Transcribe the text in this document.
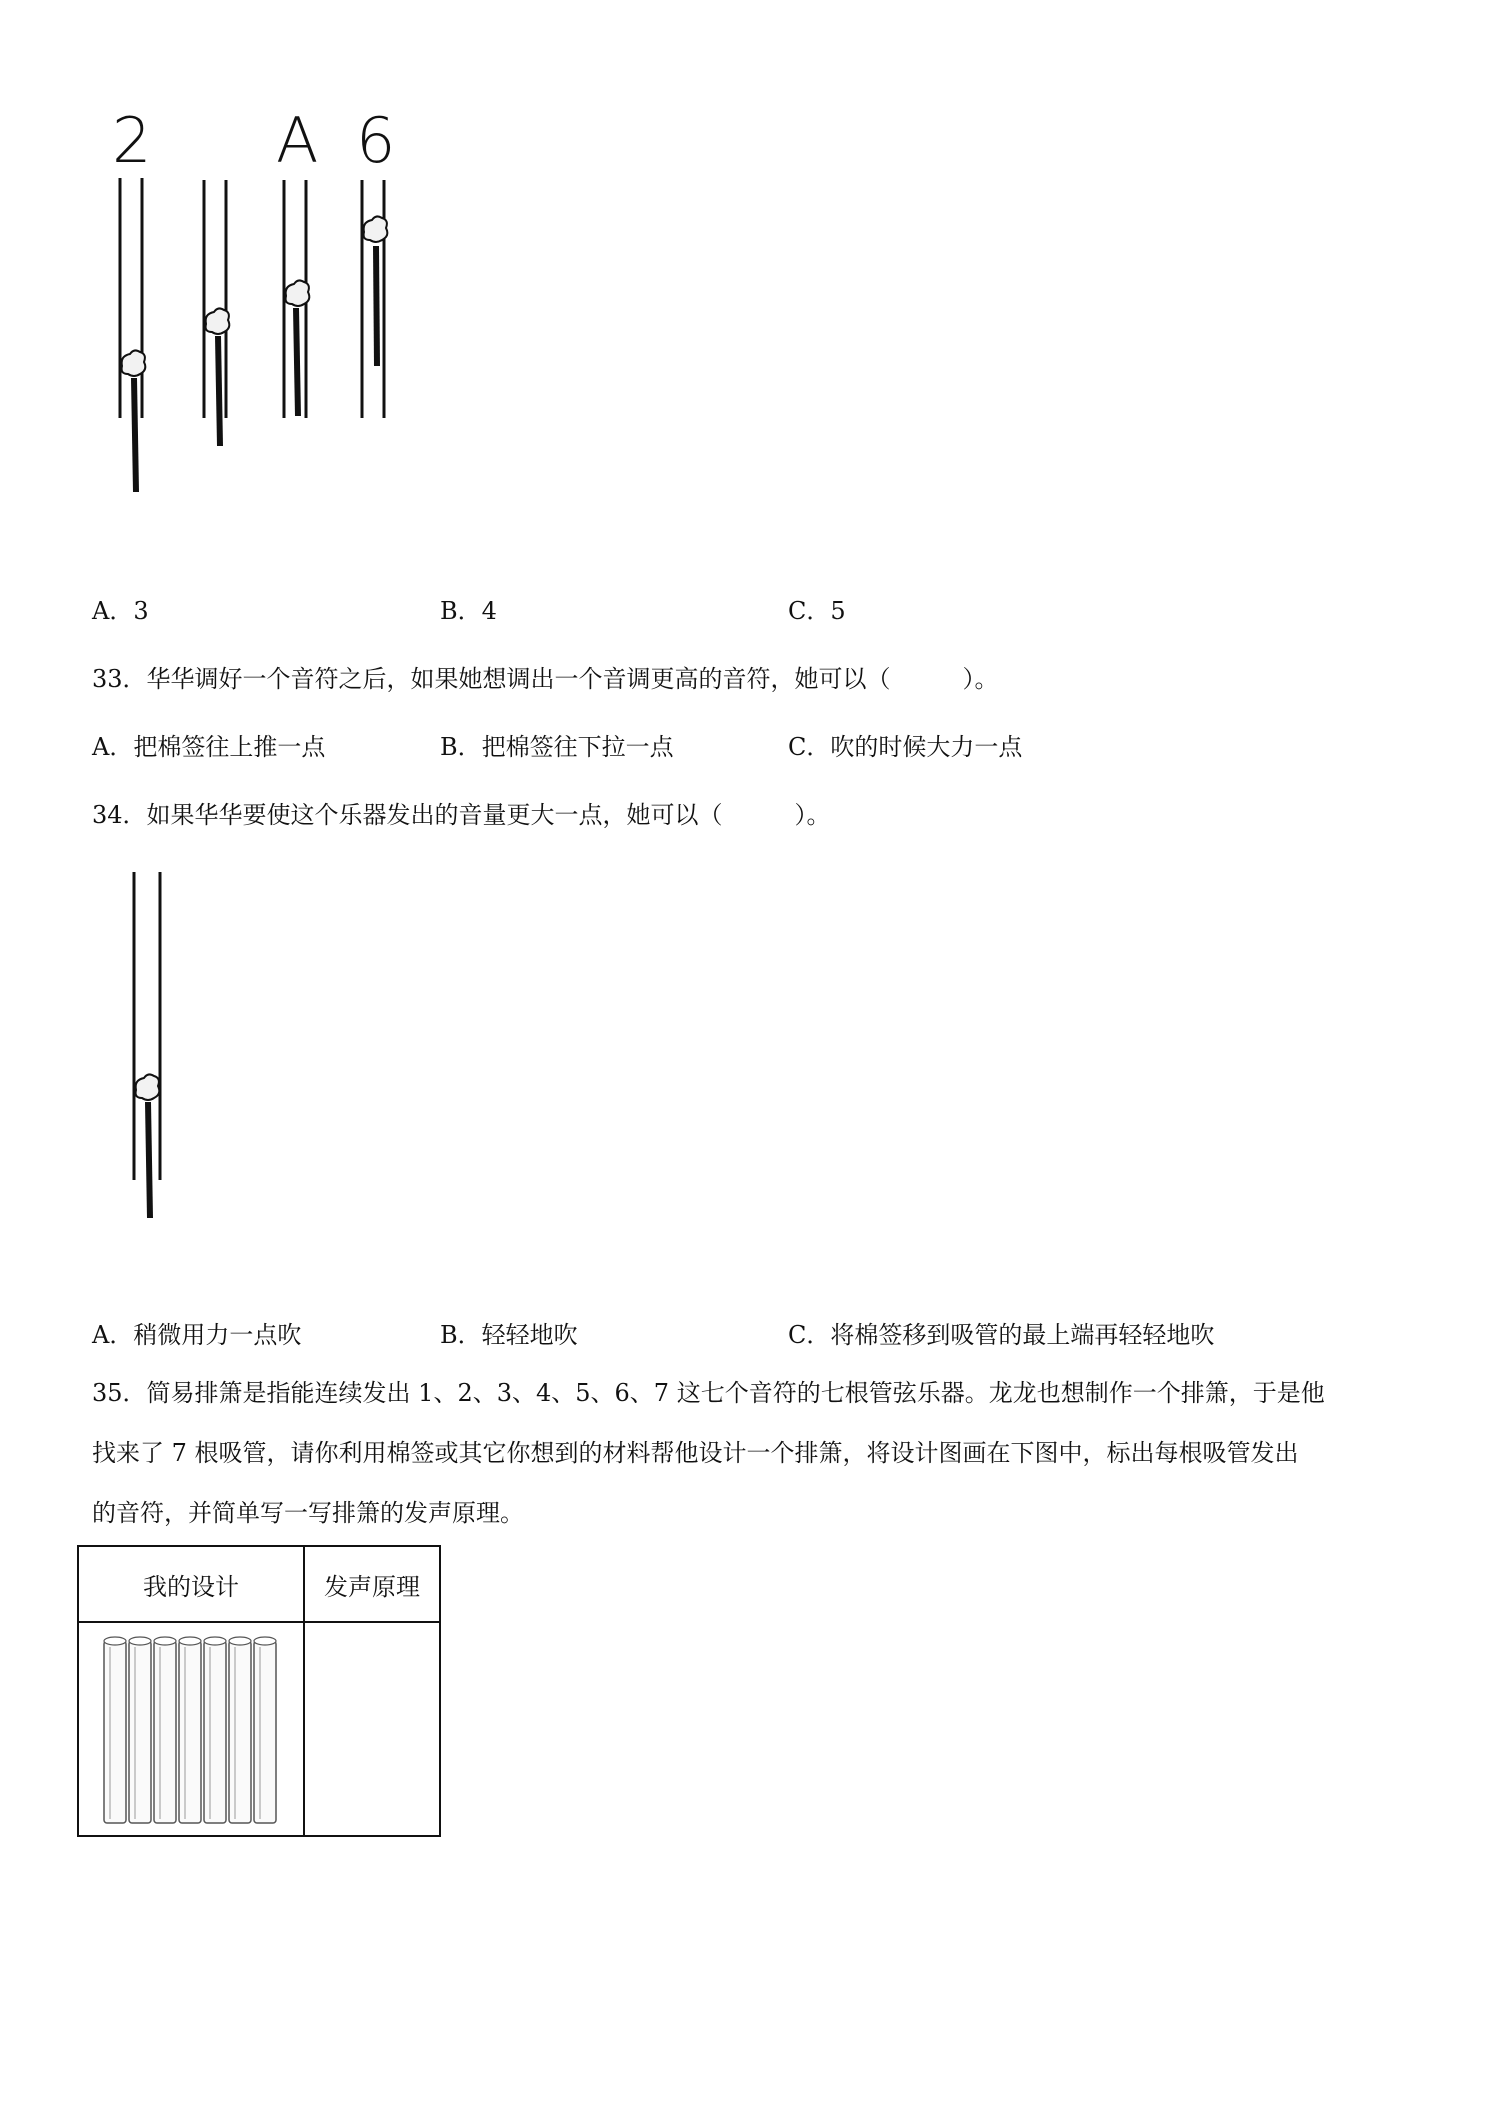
2 A 6
A．3	B．4	C．5
33．华华调好一个音符之后，如果她想调出一个音调更高的音符，她可以（　　　）。
A．把棉签往上推一点	B．把棉签往下拉一点	C．吹的时候大力一点
34．如果华华要使这个乐器发出的音量更大一点，她可以（　　　）。
A．稍微用力一点吹	B．轻轻地吹	C．将棉签移到吸管的最上端再轻轻地吹
35．简易排箫是指能连续发出 1、2、3、4、5、6、7 这七个音符的七根管弦乐器。龙龙也想制作一个排箫，于是他
找来了 7 根吸管，请你利用棉签或其它你想到的材料帮他设计一个排箫，将设计图画在下图中，标出每根吸管发出
的音符，并简单写一写排箫的发声原理。
我的设计	发声原理
